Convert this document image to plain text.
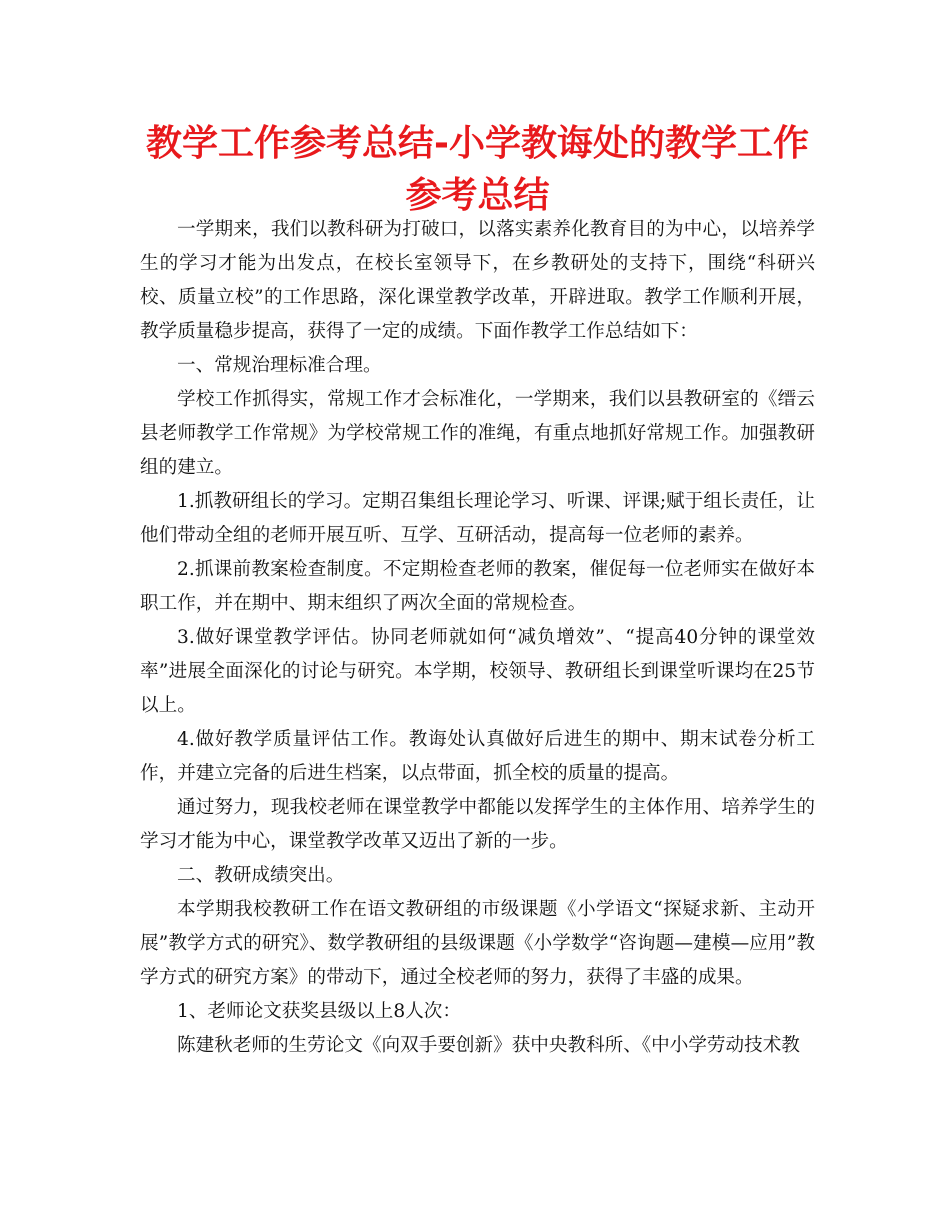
教学工作参考总结-小学教诲处的教学工作参考总结

一学期来，我们以教科研为打破口，以落实素养化教育目的为中心，以培养学生的学习才能为出发点，在校长室领导下，在乡教研处的支持下，围绕“科研兴校、质量立校”的工作思路，深化课堂教学改革，开辟进取。教学工作顺利开展，教学质量稳步提高，获得了一定的成绩。下面作教学工作总结如下：

一、常规治理标准合理。

学校工作抓得实，常规工作才会标准化，一学期来，我们以县教研室的《缙云县老师教学工作常规》为学校常规工作的准绳，有重点地抓好常规工作。加强教研组的建立。

1.抓教研组长的学习。定期召集组长理论学习、听课、评课;赋于组长责任，让他们带动全组的老师开展互听、互学、互研活动，提高每一位老师的素养。

2.抓课前教案检查制度。不定期检查老师的教案，催促每一位老师实在做好本职工作，并在期中、期末组织了两次全面的常规检查。

3.做好课堂教学评估。协同老师就如何“减负增效”、“提高40分钟的课堂效率”进展全面深化的讨论与研究。本学期，校领导、教研组长到课堂听课均在25节以上。

4.做好教学质量评估工作。教诲处认真做好后进生的期中、期末试卷分析工作，并建立完备的后进生档案，以点带面，抓全校的质量的提高。

通过努力，现我校老师在课堂教学中都能以发挥学生的主体作用、培养学生的学习才能为中心，课堂教学改革又迈出了新的一步。

二、教研成绩突出。

本学期我校教研工作在语文教研组的市级课题《小学语文“探疑求新、主动开展”教学方式的研究》、数学教研组的县级课题《小学数学“咨询题—建模—应用”教学方式的研究方案》的带动下，通过全校老师的努力，获得了丰盛的成果。

1、老师论文获奖县级以上8人次：

陈建秋老师的生劳论文《向双手要创新》获中央教科所、《中小学劳动技术教
